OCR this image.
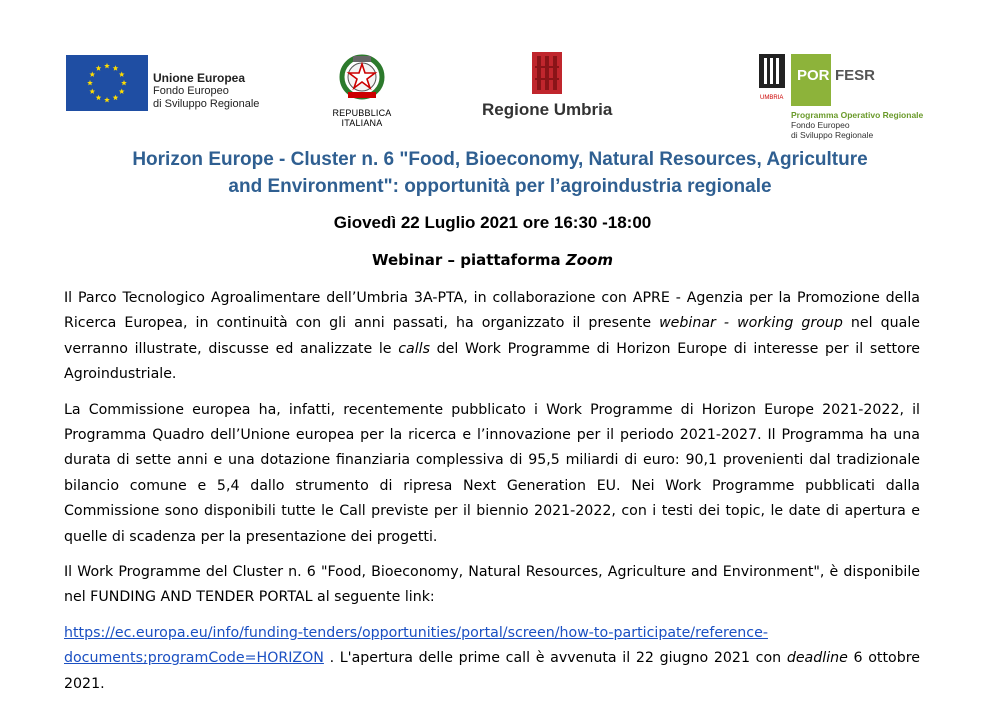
Unione Europea
Fondo Europeo
di Sviluppo Regionale
REPUBBLICA ITALIANA
Regione Umbria
POR FESR
UMBRIA
Programma Operativo Regionale
Fondo Europeo
di Sviluppo Regionale
Horizon Europe - Cluster n. 6 "Food, Bioeconomy, Natural Resources, Agriculture
and Environment": opportunità per l’agroindustria regionale
Giovedì 22 Luglio 2021 ore 16:30 -18:00
Webinar – piattaforma Zoom

Il Parco Tecnologico Agroalimentare dell’Umbria 3A-PTA, in collaborazione con APRE - Agenzia per la Promozione della Ricerca Europea, in continuità con gli anni passati, ha organizzato il presente webinar - working group nel quale verranno illustrate, discusse ed analizzate le calls del Work Programme di Horizon Europe di interesse per il settore Agroindustriale.

La Commissione europea ha, infatti, recentemente pubblicato i Work Programme di Horizon Europe 2021-2022, il Programma Quadro dell’Unione europea per la ricerca e l’innovazione per il periodo 2021-2027. Il Programma ha una durata di sette anni e una dotazione finanziaria complessiva di 95,5 miliardi di euro: 90,1 provenienti dal tradizionale bilancio comune e 5,4 dallo strumento di ripresa Next Generation EU. Nei Work Programme pubblicati dalla Commissione sono disponibili tutte le Call previste per il biennio 2021-2022, con i testi dei topic, le date di apertura e quelle di scadenza per la presentazione dei progetti.

Il Work Programme del Cluster n. 6 "Food, Bioeconomy, Natural Resources, Agriculture and Environment", è disponibile nel FUNDING AND TENDER PORTAL al seguente link:

https://ec.europa.eu/info/funding-tenders/opportunities/portal/screen/how-to-participate/reference-documents;programCode=HORIZON . L'apertura delle prime call è avvenuta il 22 giugno 2021 con deadline 6 ottobre 2021.
